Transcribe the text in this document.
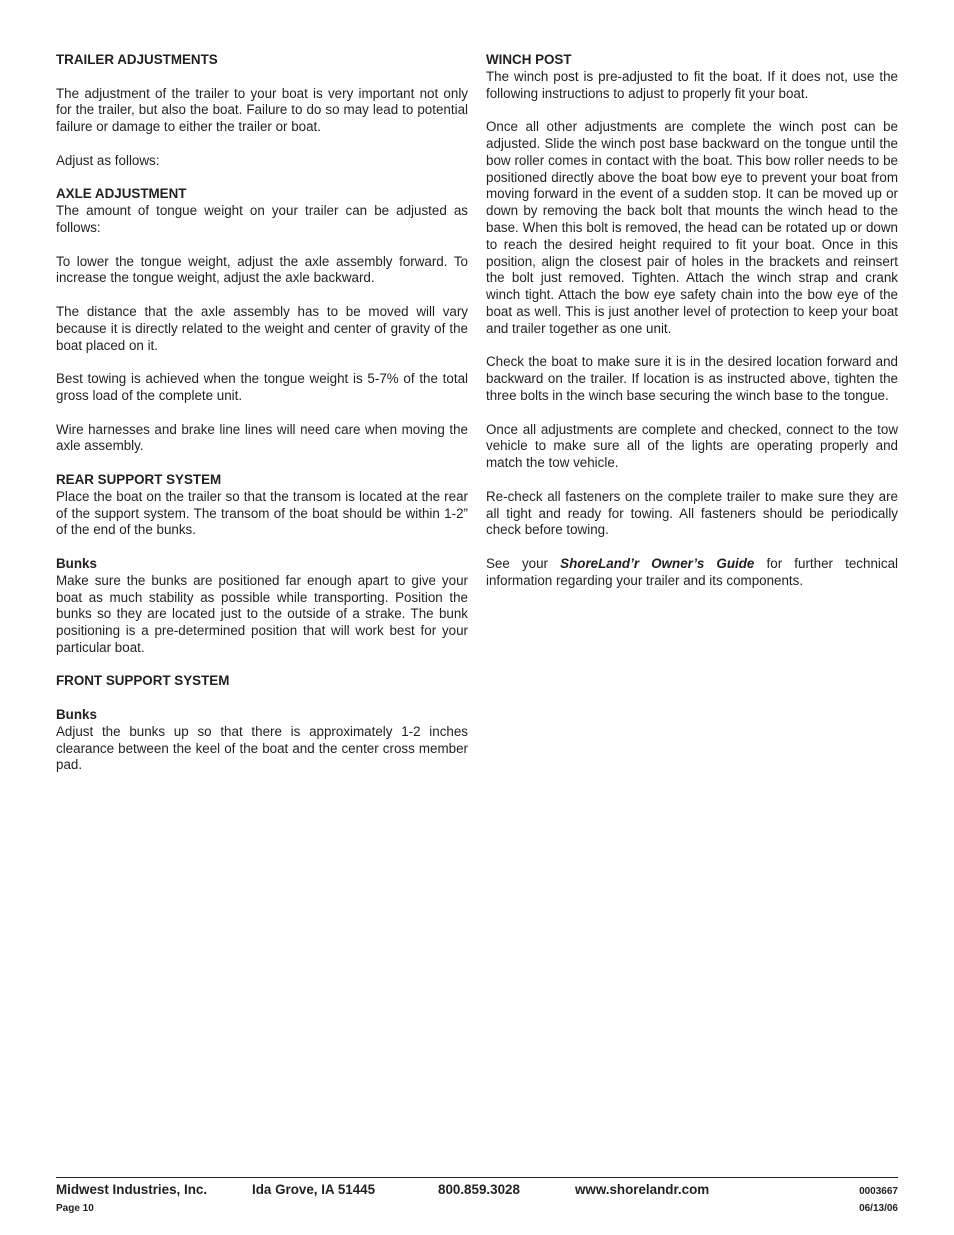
TRAILER ADJUSTMENTS

The adjustment of the trailer to your boat is very important not only for the trailer, but also the boat. Failure to do so may lead to potential failure or damage to either the trailer or boat.

Adjust as follows:

AXLE ADJUSTMENT

The amount of tongue weight on your trailer can be adjusted as follows:

To lower the tongue weight, adjust the axle assembly forward. To increase the tongue weight, adjust the axle backward.

The distance that the axle assembly has to be moved will vary because it is directly related to the weight and center of gravity of the boat placed on it.

Best towing is achieved when the tongue weight is 5-7% of the total gross load of the complete unit.

Wire harnesses and brake line lines will need care when moving the axle assembly.

REAR SUPPORT SYSTEM

Place the boat on the trailer so that the transom is located at the rear of the support system. The transom of the boat should be within 1-2” of the end of the bunks.

Bunks

Make sure the bunks are positioned far enough apart to give your boat as much stability as possible while transporting. Position the bunks so they are located just to the outside of a strake. The bunk positioning is a pre-determined position that will work best for your particular boat.

FRONT SUPPORT SYSTEM

Bunks

Adjust the bunks up so that there is approximately 1-2 inches clearance between the keel of the boat and the center cross member pad.

WINCH POST

The winch post is pre-adjusted to fit the boat. If it does not, use the following instructions to adjust to properly fit your boat.

Once all other adjustments are complete the winch post can be adjusted. Slide the winch post base backward on the tongue until the bow roller comes in contact with the boat. This bow roller needs to be positioned directly above the boat bow eye to prevent your boat from moving forward in the event of a sudden stop. It can be moved up or down by removing the back bolt that mounts the winch head to the base. When this bolt is removed, the head can be rotated up or down to reach the desired height required to fit your boat. Once in this position, align the closest pair of holes in the brackets and reinsert the bolt just removed. Tighten. Attach the winch strap and crank winch tight. Attach the bow eye safety chain into the bow eye of the boat as well. This is just another level of protection to keep your boat and trailer together as one unit.

Check the boat to make sure it is in the desired location forward and backward on the trailer. If location is as instructed above, tighten the three bolts in the winch base securing the winch base to the tongue.

Once all adjustments are complete and checked, connect to the tow vehicle to make sure all of the lights are operating properly and match the tow vehicle.

Re-check all fasteners on the complete trailer to make sure they are all tight and ready for towing. All fasteners should be periodically check before towing.

See your ShoreLand’r Owner’s Guide for further technical information regarding your trailer and its components.

Midwest Industries, Inc.	Ida Grove, IA 51445	800.859.3028	www.shorelandr.com
Page 10
0003667
06/13/06
